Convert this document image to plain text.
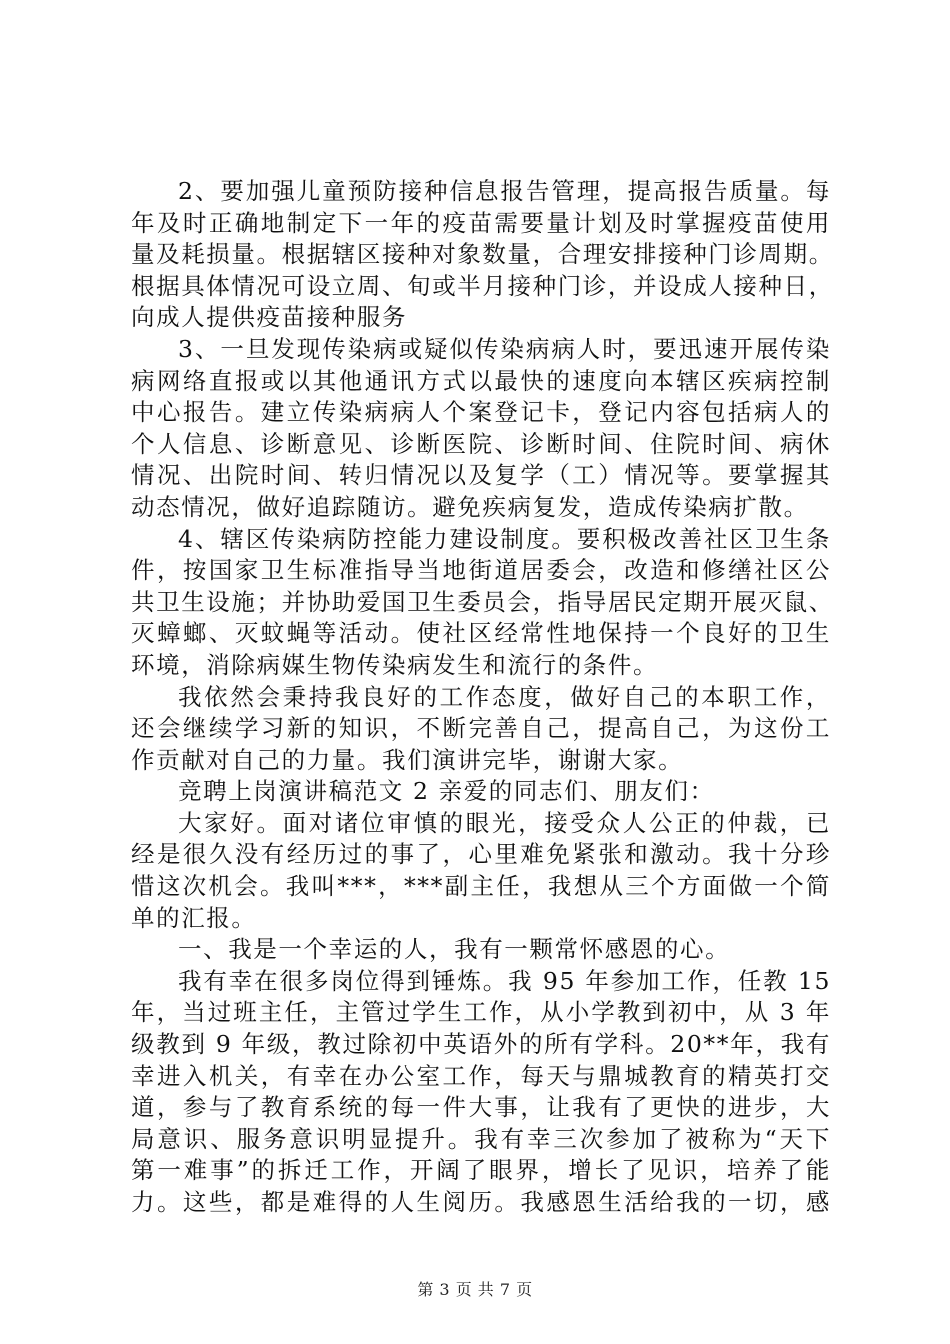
2、要加强儿童预防接种信息报告管理，提高报告质量。每
年及时正确地制定下一年的疫苗需要量计划及时掌握疫苗使用
量及耗损量。根据辖区接种对象数量，合理安排接种门诊周期。
根据具体情况可设立周、旬或半月接种门诊，并设成人接种日，
向成人提供疫苗接种服务
3、一旦发现传染病或疑似传染病病人时，要迅速开展传染
病网络直报或以其他通讯方式以最快的速度向本辖区疾病控制
中心报告。建立传染病病人个案登记卡，登记内容包括病人的
个人信息、诊断意见、诊断医院、诊断时间、住院时间、病休
情况、出院时间、转归情况以及复学（工）情况等。要掌握其
动态情况，做好追踪随访。避免疾病复发，造成传染病扩散。
4、辖区传染病防控能力建设制度。要积极改善社区卫生条
件，按国家卫生标准指导当地街道居委会，改造和修缮社区公
共卫生设施；并协助爱国卫生委员会，指导居民定期开展灭鼠、
灭蟑螂、灭蚊蝇等活动。使社区经常性地保持一个良好的卫生
环境，消除病媒生物传染病发生和流行的条件。
我依然会秉持我良好的工作态度，做好自己的本职工作，
还会继续学习新的知识，不断完善自己，提高自己，为这份工
作贡献对自己的力量。我们演讲完毕，谢谢大家。
竞聘上岗演讲稿范文 2 亲爱的同志们、朋友们：
大家好。面对诸位审慎的眼光，接受众人公正的仲裁，已
经是很久没有经历过的事了，心里难免紧张和激动。我十分珍
惜这次机会。我叫***，***副主任，我想从三个方面做一个简
单的汇报。
一、我是一个幸运的人，我有一颗常怀感恩的心。
我有幸在很多岗位得到锤炼。我 95 年参加工作，任教 15
年，当过班主任，主管过学生工作，从小学教到初中，从 3 年
级教到 9 年级，教过除初中英语外的所有学科。20**年，我有
幸进入机关，有幸在办公室工作，每天与鼎城教育的精英打交
道，参与了教育系统的每一件大事，让我有了更快的进步，大
局意识、服务意识明显提升。我有幸三次参加了被称为“天下
第一难事”的拆迁工作，开阔了眼界，增长了见识，培养了能
力。这些，都是难得的人生阅历。我感恩生活给我的一切，感
第 3 页 共 7 页
